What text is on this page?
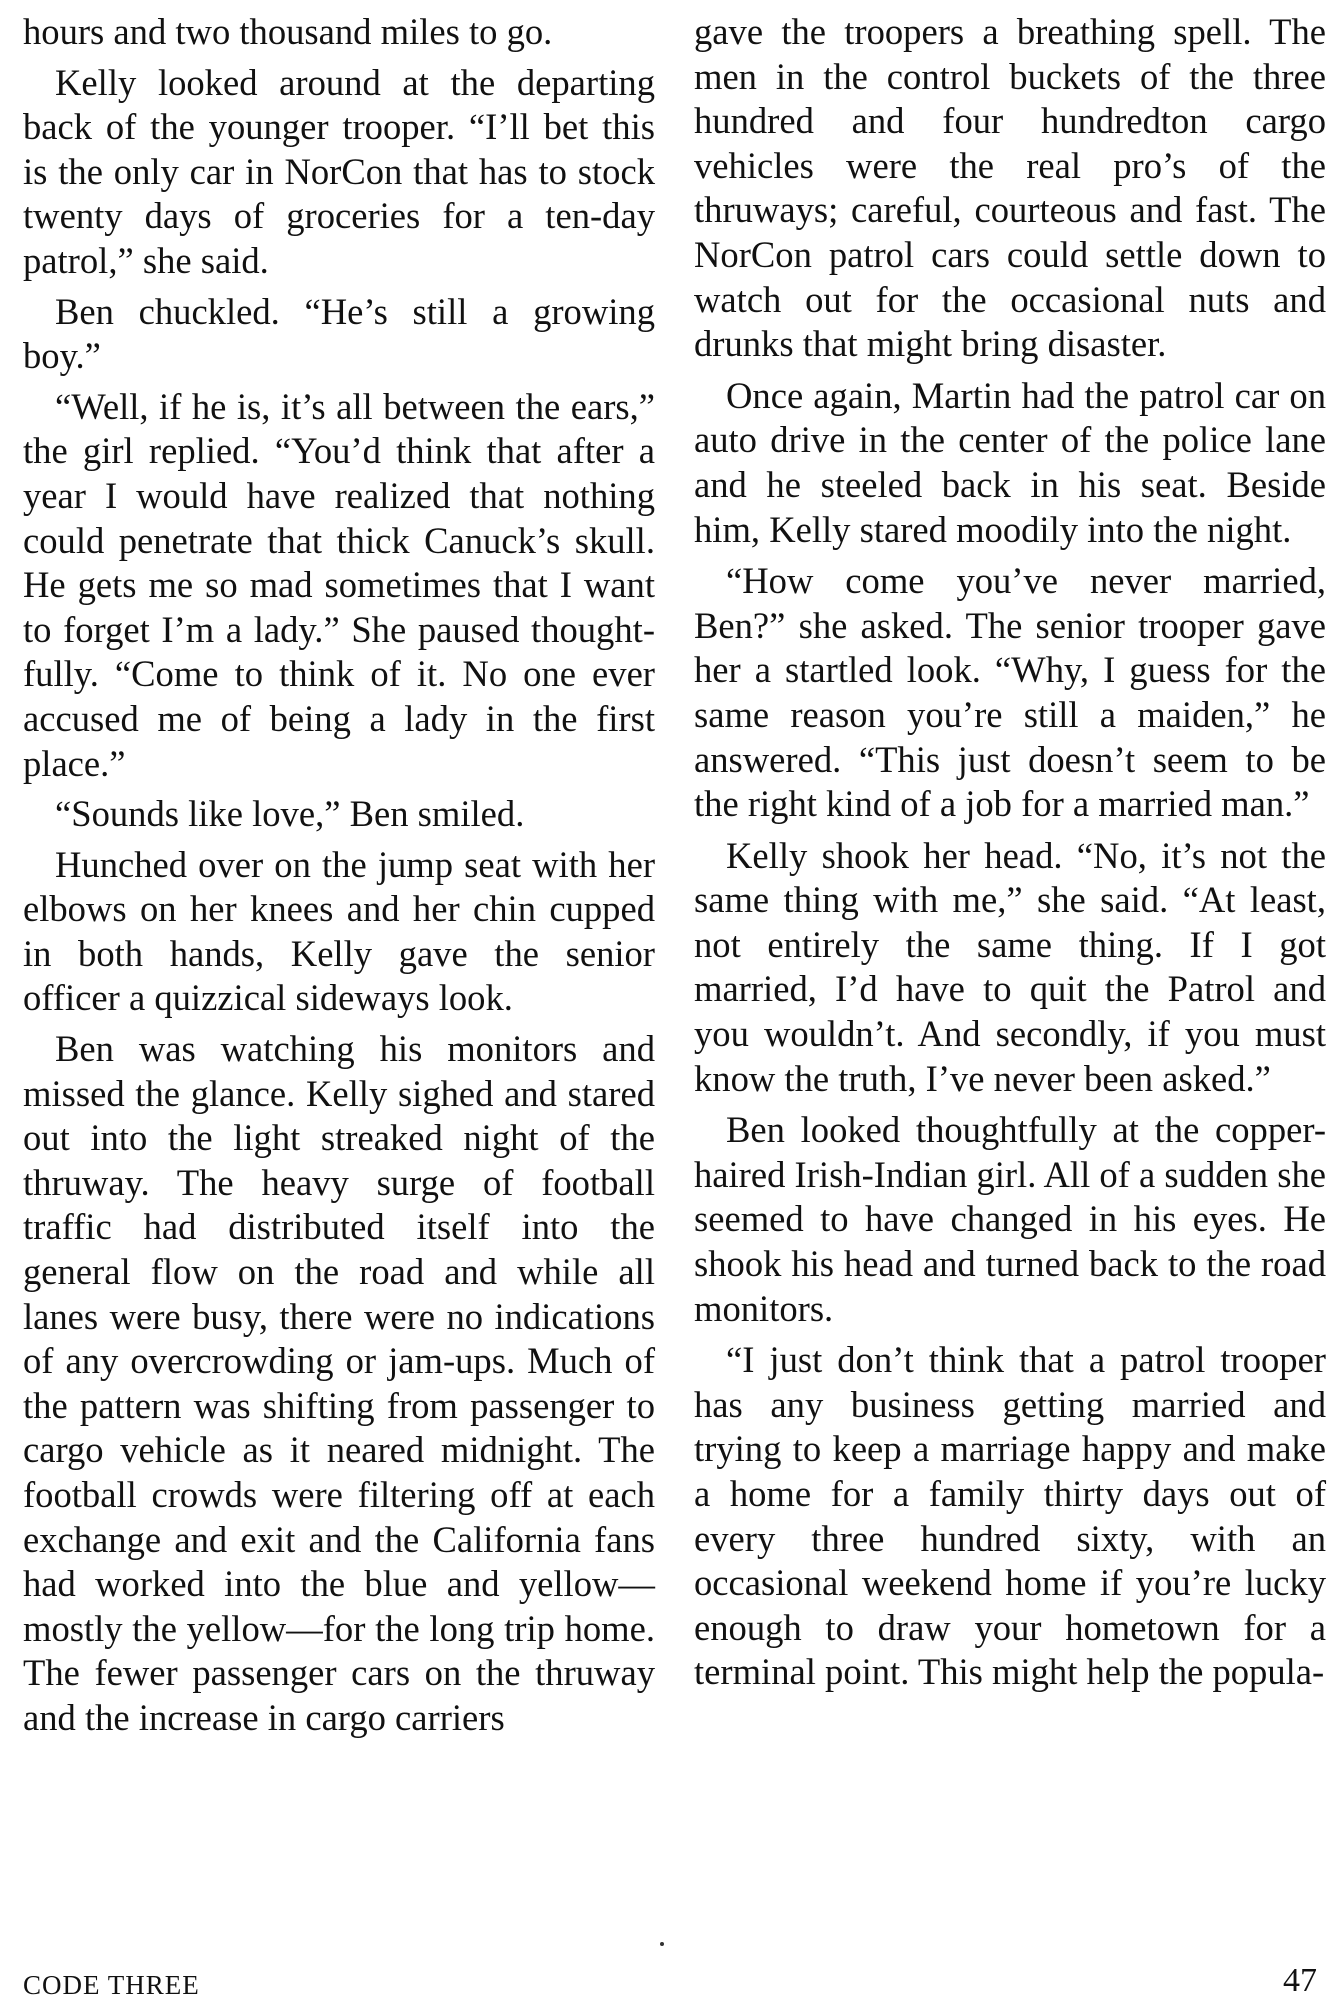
hours and two thousand miles to go.

Kelly looked around at the departing back of the younger trooper. “I’ll bet this is the only car in NorCon that has to stock twenty days of groceries for a ten-day patrol,” she said.

Ben chuckled. “He’s still a growing boy.”

“Well, if he is, it’s all between the ears,” the girl replied. “You’d think that after a year I would have realized that nothing could penetrate that thick Canuck’s skull. He gets me so mad sometimes that I want to forget I’m a lady.” She paused thoughtfully. “Come to think of it. No one ever accused me of being a lady in the first place.”

“Sounds like love,” Ben smiled.

Hunched over on the jump seat with her elbows on her knees and her chin cupped in both hands, Kelly gave the senior officer a quizzical sideways look.

Ben was watching his monitors and missed the glance. Kelly sighed and stared out into the light streaked night of the thruway. The heavy surge of football traffic had distributed itself into the general flow on the road and while all lanes were busy, there were no indications of any overcrowding or jam-ups. Much of the pattern was shifting from passenger to cargo vehicle as it neared midnight. The football crowds were filtering off at each exchange and exit and the California fans had worked into the blue and yellow—mostly the yellow—for the long trip home. The fewer passenger cars on the thruway and the increase in cargo carriers

gave the troopers a breathing spell. The men in the control buckets of the three hundred and four hundredton cargo vehicles were the real pro’s of the thruways; careful, courteous and fast. The NorCon patrol cars could settle down to watch out for the occasional nuts and drunks that might bring disaster.

Once again, Martin had the patrol car on auto drive in the center of the police lane and he steeled back in his seat. Beside him, Kelly stared moodily into the night.

“How come you’ve never married, Ben?” she asked. The senior trooper gave her a startled look. “Why, I guess for the same reason you’re still a maiden,” he answered. “This just doesn’t seem to be the right kind of a job for a married man.”

Kelly shook her head. “No, it’s not the same thing with me,” she said. “At least, not entirely the same thing. If I got married, I’d have to quit the Patrol and you wouldn’t. And secondly, if you must know the truth, I’ve never been asked.”

Ben looked thoughtfully at the copper-haired Irish-Indian girl. All of a sudden she seemed to have changed in his eyes. He shook his head and turned back to the road monitors.

“I just don’t think that a patrol trooper has any business getting married and trying to keep a marriage happy and make a home for a family thirty days out of every three hundred sixty, with an occasional weekend home if you’re lucky enough to draw your hometown for a terminal point. This might help the popula-

CODE THREE	47
